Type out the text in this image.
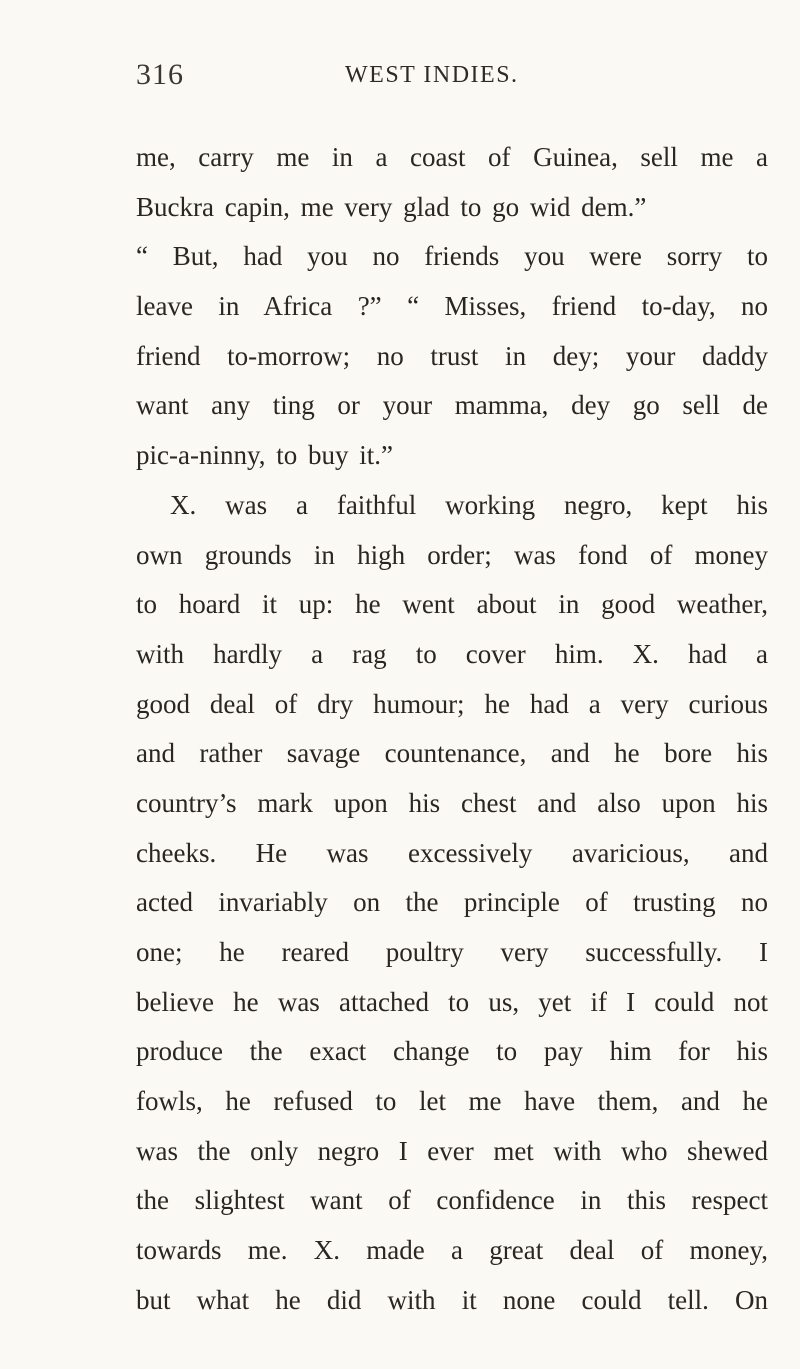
316	WEST INDIES.
me, carry me in a coast of Guinea, sell me a
Buckra capin, me very glad to go wid dem.”
“ But, had you no friends you were sorry to
leave in Africa ?” “ Misses, friend to-day, no
friend to-morrow; no trust in dey; your daddy
want any ting or your mamma, dey go sell de
pic-a-ninny, to buy it.”
X. was a faithful working negro, kept his
own grounds in high order; was fond of money
to hoard it up: he went about in good weather,
with hardly a rag to cover him. X. had a
good deal of dry humour; he had a very curious
and rather savage countenance, and he bore his
country’s mark upon his chest and also upon his
cheeks. He was excessively avaricious, and
acted invariably on the principle of trusting no
one; he reared poultry very successfully. I
believe he was attached to us, yet if I could not
produce the exact change to pay him for his
fowls, he refused to let me have them, and he
was the only negro I ever met with who shewed
the slightest want of confidence in this respect
towards me. X. made a great deal of money,
but what he did with it none could tell. On
